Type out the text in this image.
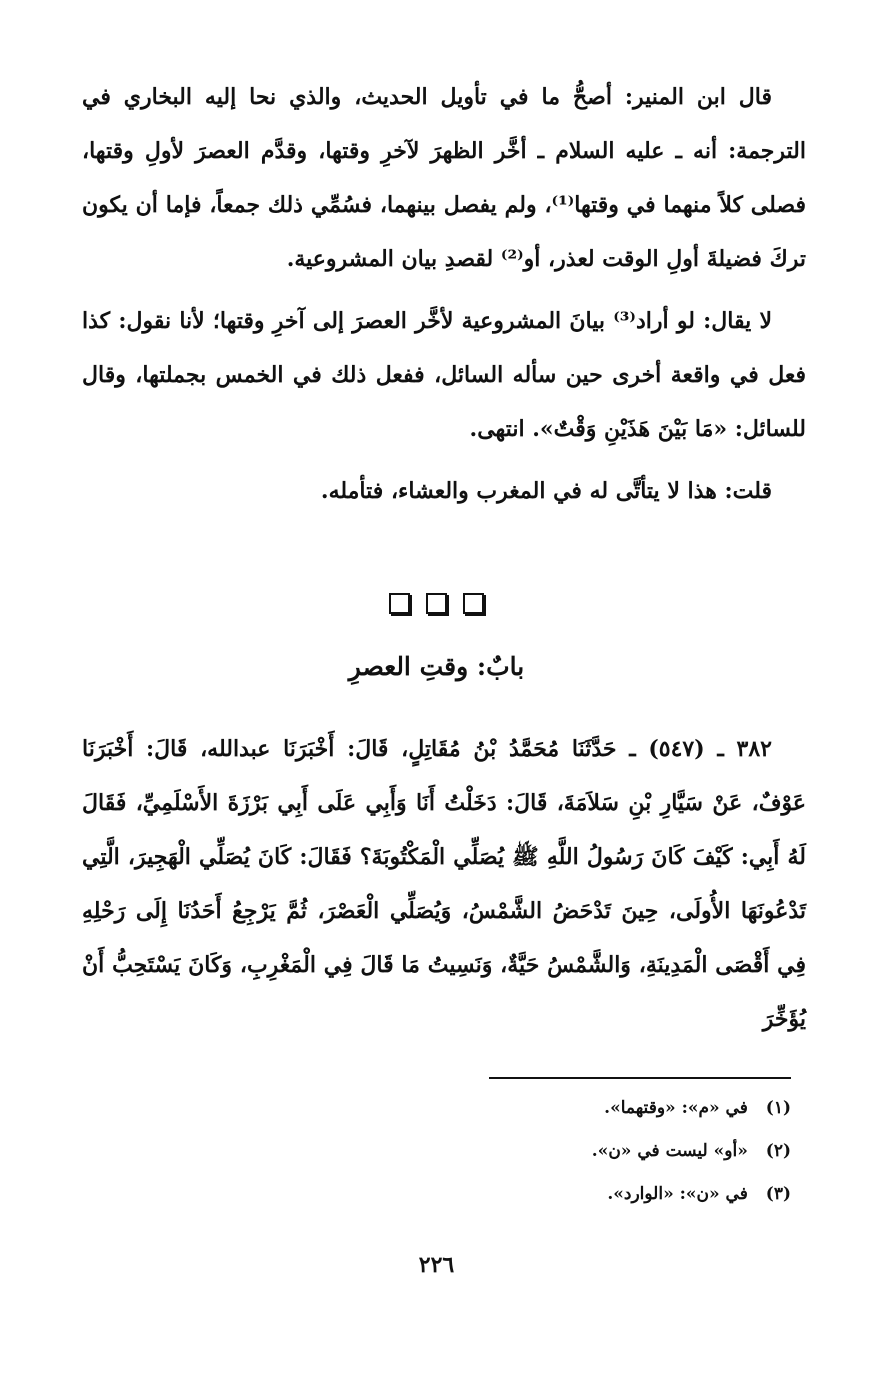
قال ابن المنير: أصحُّ ما في تأويل الحديث، والذي نحا إليه البخاري في الترجمة: أنه ـ عليه السلام ـ أخَّر الظهرَ لآخرِ وقتها، وقدَّم العصرَ لأولِ وقتها، فصلى كلاً منهما في وقتها⁽¹⁾، ولم يفصل بينهما، فسُمِّي ذلك جمعاً، فإما أن يكون تركَ فضيلةَ أولِ الوقت لعذر، أو⁽²⁾ لقصدِ بيان المشروعية.

لا يقال: لو أراد⁽³⁾ بيانَ المشروعية لأخَّر العصرَ إلى آخرِ وقتها؛ لأنا نقول: كذا فعل في واقعة أخرى حين سأله السائل، ففعل ذلك في الخمس بجملتها، وقال للسائل: «مَا بَيْنَ هَذَيْنِ وَقْتٌ». انتهى.

قلت: هذا لا يتأتَّى له في المغرب والعشاء، فتأمله.

بابٌ: وقتِ العصرِ

٣٨٢ ـ (٥٤٧) ـ حَدَّثَنَا مُحَمَّدُ بْنُ مُقَاتِلٍ، قَالَ: أَخْبَرَنَا عبدالله، قَالَ: أَخْبَرَنَا عَوْفٌ، عَنْ سَيَّارِ بْنِ سَلاَمَةَ، قَالَ: دَخَلْتُ أَنَا وَأَبِي عَلَى أَبِي بَرْزَةَ الأَسْلَمِيِّ، فَقَالَ لَهُ أَبِي: كَيْفَ كَانَ رَسُولُ اللَّهِ ﷺ يُصَلِّي الْمَكْتُوبَةَ؟ فَقَالَ: كَانَ يُصَلِّي الْهَجِيرَ، الَّتِي تَدْعُونَهَا الأُولَى، حِينَ تَدْحَضُ الشَّمْسُ، وَيُصَلِّي الْعَصْرَ، ثُمَّ يَرْجِعُ أَحَدُنَا إِلَى رَحْلِهِ فِي أَقْصَى الْمَدِينَةِ، وَالشَّمْسُ حَيَّةٌ، وَنَسِيتُ مَا قَالَ فِي الْمَغْرِبِ، وَكَانَ يَسْتَحِبُّ أَنْ يُؤَخِّرَ

(١) في «م»: «وقتهما».
(٢) «أو» ليست في «ن».
(٣) في «ن»: «الوارد».
٢٢٦
